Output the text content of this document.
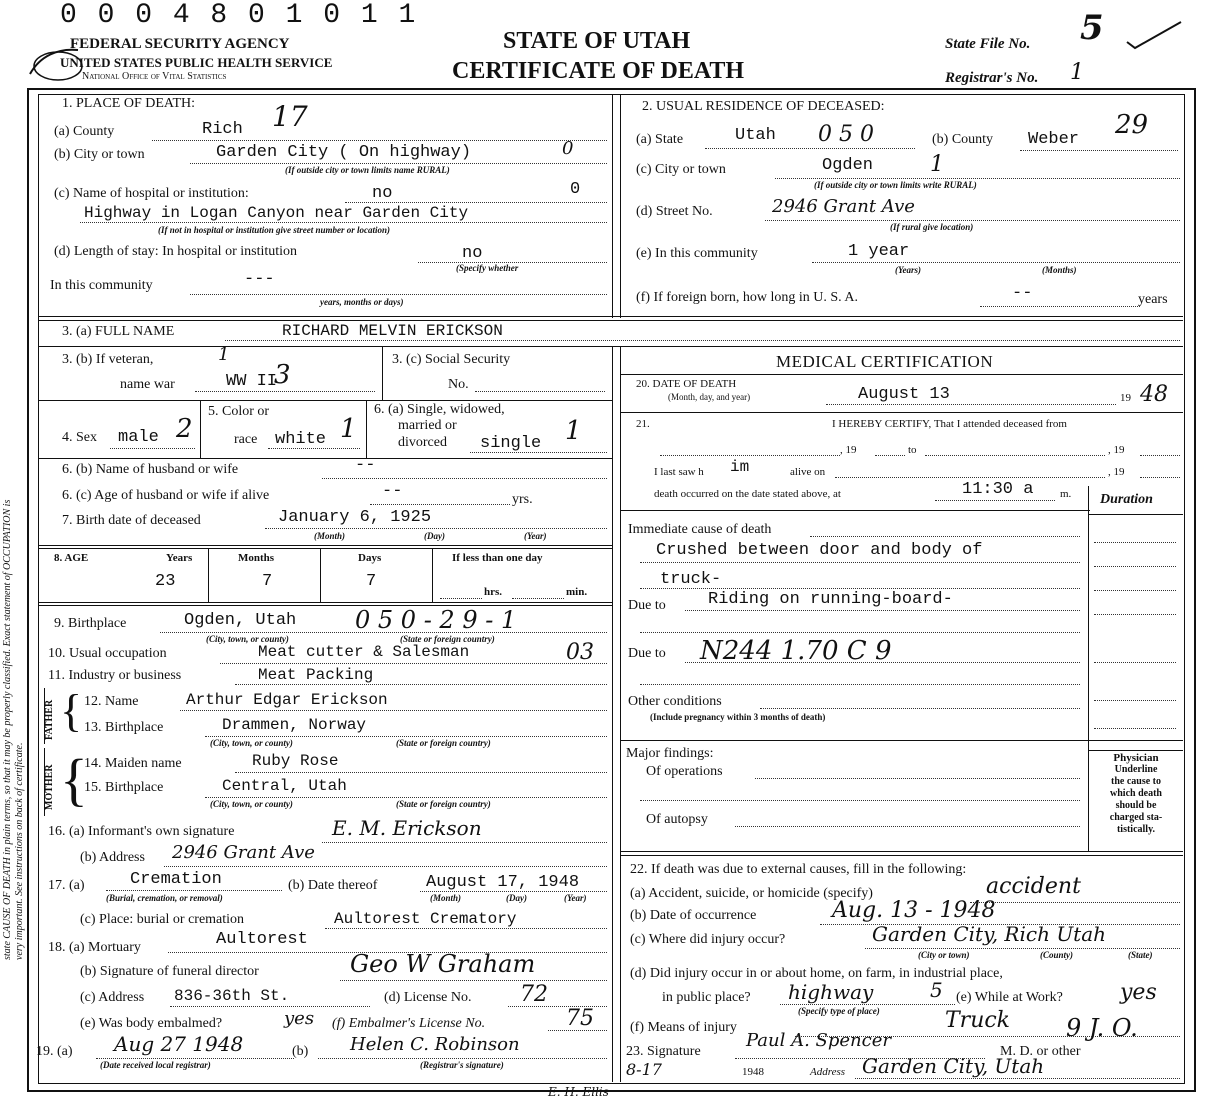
0 0 0 4 8 0 1 0 1 1
FEDERAL SECURITY AGENCY
UNITED STATES PUBLIC HEALTH SERVICE
National Office of Vital Statistics
STATE OF UTAH
CERTIFICATE OF DEATH
State File No. 5
Registrar's No. 1
state CAUSE OF DEATH in plain terms, so that it may be properly classified. Exact statement of OCCUPATION is very important. See instructions on back of certificate.
1. PLACE OF DEATH:	17
(a) County	Rich
(b) City or town	Garden City ( On highway)	0
(If outside city or town limits name RURAL)
(c) Name of hospital or institution:	no	0
Highway in Logan Canyon near Garden City
(If not in hospital or institution give street number or location)
(d) Length of stay: In hospital or institution	no
(Specify whether
In this community	---
years, months or days)
2. USUAL RESIDENCE OF DECEASED:
(a) State	Utah 0 5 0	(b) County Weber 29
(c) City or town	Ogden	1
(If outside city or town limits write RURAL)
(d) Street No.	2946 Grant Ave
(If rural give location)
(e) In this community	1 year
(Years)	(Months)
(f) If foreign born, how long in U. S. A.	--	years
3. (a) FULL NAME	RICHARD MELVIN ERICKSON
3. (b) If veteran,	1
name war	WW II
3
3. (c) Social Security
No.
4. Sex male 2
5. Color or
race white 1
6. (a) Single, widowed,
married or
divorced single 1
6. (b) Name of husband or wife	--
6. (c) Age of husband or wife if alive	--	yrs.
7. Birth date of deceased	January 6, 1925
(Month)	(Day)	(Year)
8. AGE	Years
23
Months
7
Days
7
If less than one day
hrs.	min.
9. Birthplace	Ogden, Utah 0 5 0 - 2 9 - 1
(City, town, or county)	(State or foreign country)
10. Usual occupation	Meat cutter & Salesman	03
11. Industry or business	Meat Packing
FATHER
MOTHER
{
{
12. Name	Arthur Edgar Erickson
13. Birthplace	Drammen, Norway
(City, town, or county)	(State or foreign country)
14. Maiden name	Ruby Rose
15. Birthplace	Central, Utah
(City, town, or county)	(State or foreign country)
16. (a) Informant's own signature	E. M. Erickson
(b) Address 2946 Grant Ave
17. (a)	Cremation
(Burial, cremation, or removal)
(b) Date thereof	August 17, 1948
(Month)	(Day)	(Year)
(c) Place: burial or cremation	Aultorest Crematory
18. (a) Mortuary	Aultorest
(b) Signature of funeral director	Geo W Graham
(c) Address 836-36th St.	(d) License No. 72
(e) Was body embalmed?	yes (f) Embalmer's License No.	75
19. (a) Aug 27 1948
(Date received local registrar)
(b) Helen C. Robinson
(Registrar's signature)
E. H. Ellis
MEDICAL CERTIFICATION
20. DATE OF DEATH
(Month, day, and year)	August 13	19 48
21.	I HEREBY CERTIFY, That I attended deceased from
, 19	to	, 19
I last saw h im	alive on	, 19
death occurred on the date stated above, at	11:30 a m. Duration
Immediate cause of death
Crushed between door and body of
truck-
Due to Riding on running-board-
Due to N244 1.70 C 9
Other conditions
(Include pregnancy within 3 months of death)
Major findings:
Of operations
Of autopsy
Physician
Underline
the cause to
which death
should be
charged sta-
tistically.
22. If death was due to external causes, fill in the following:
(a) Accident, suicide, or homicide (specify)	accident
(b) Date of occurrence	Aug. 13 - 1948
(c) Where did injury occur?	Garden City, Rich Utah
(City or town)	(County)	(State)
(d) Did injury occur in or about home, on farm, in industrial place,
in public place? highway	5
(Specify type of place)
(e) While at Work?	yes
(f) Means of injury	Truck 9 J. O.
23. Signature
Paul A. Spencer
M. D. or other
8-17	1948	Address Garden City, Utah
